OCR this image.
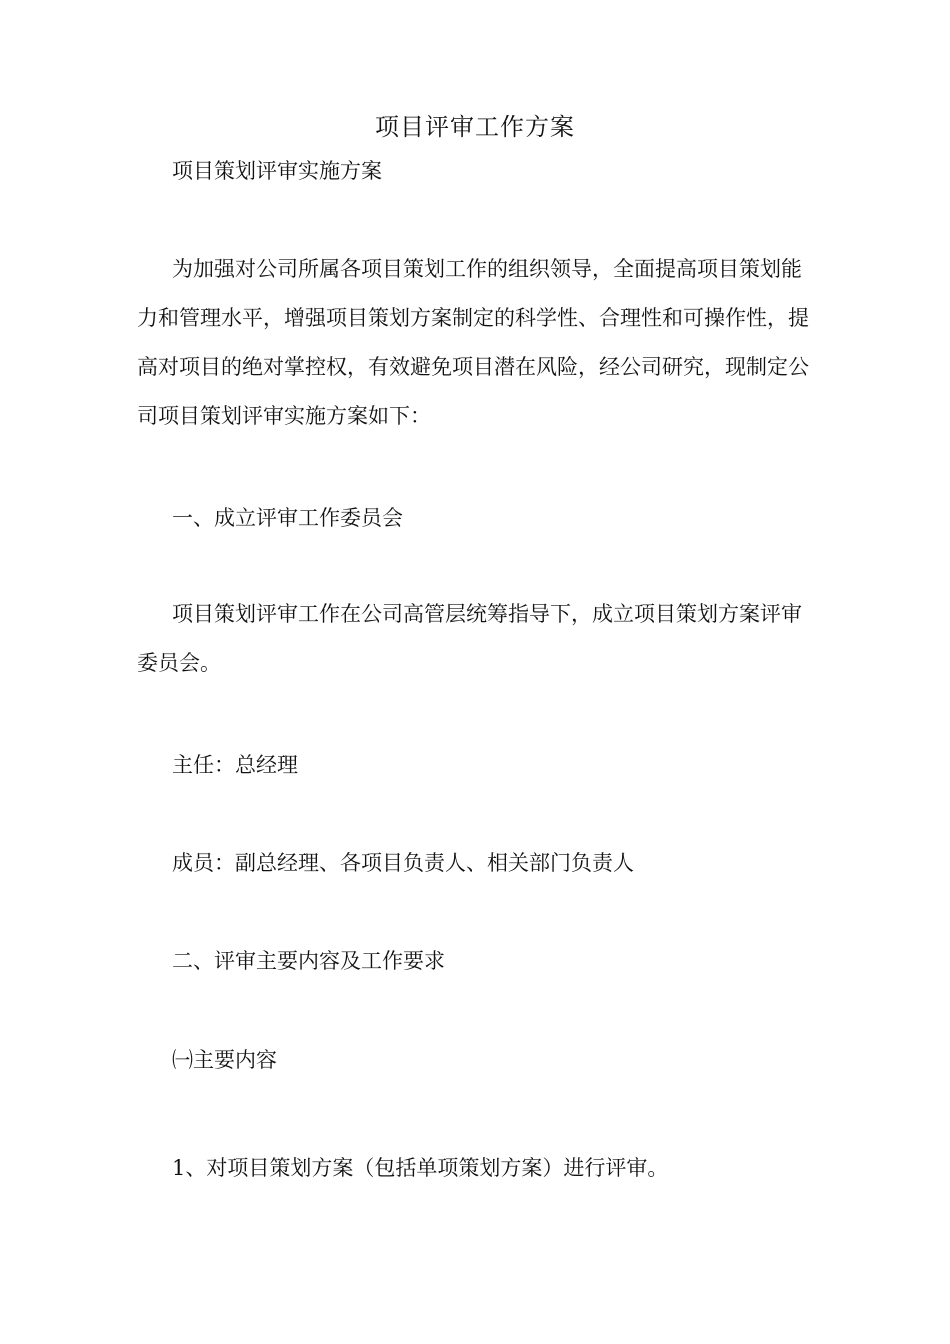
项目评审工作方案
项目策划评审实施方案

为加强对公司所属各项目策划工作的组织领导，全面提高项目策划能力和管理水平，增强项目策划方案制定的科学性、合理性和可操作性，提高对项目的绝对掌控权，有效避免项目潜在风险，经公司研究，现制定公司项目策划评审实施方案如下：

一、成立评审工作委员会

项目策划评审工作在公司高管层统筹指导下，成立项目策划方案评审委员会。

主任：总经理
成员：副总经理、各项目负责人、相关部门负责人
二、评审主要内容及工作要求
㈠主要内容
1、对项目策划方案（包括单项策划方案）进行评审。
